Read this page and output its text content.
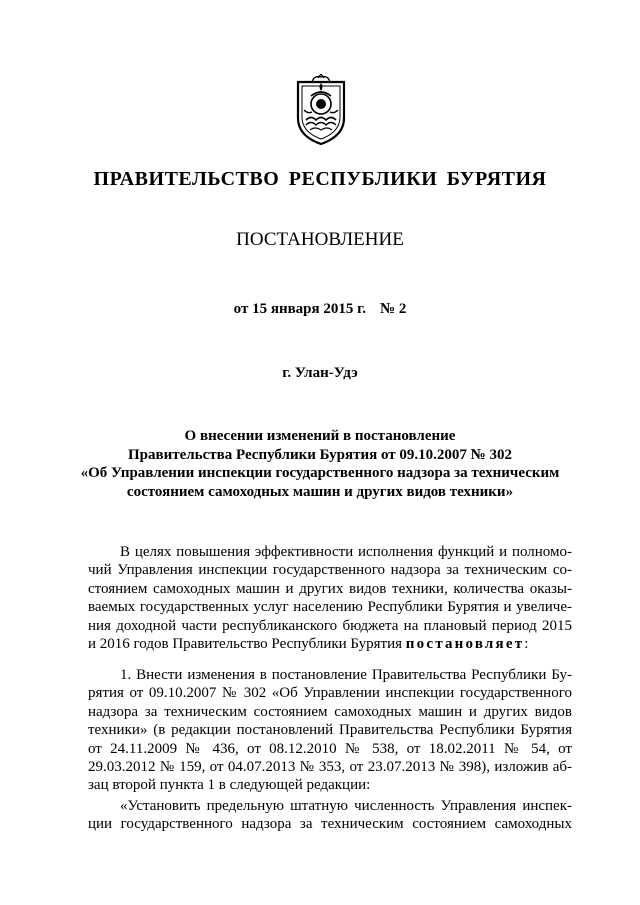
ПРАВИТЕЛЬСТВО РЕСПУБЛИКИ БУРЯТИЯ
ПОСТАНОВЛЕНИЕ
от 15 января 2015 г. № 2
г. Улан-Удэ
О внесении изменений в постановление
Правительства Республики Бурятия от 09.10.2007 № 302
«Об Управлении инспекции государственного надзора за техническим
состоянием самоходных машин и других видов техники»
В целях повышения эффективности исполнения функций и полномо-
чий Управления инспекции государственного надзора за техническим со-
стоянием самоходных машин и других видов техники, количества оказы-
ваемых государственных услуг населению Республики Бурятия и увеличе-
ния доходной части республиканского бюджета на плановый период 2015
и 2016 годов Правительство Республики Бурятия постановляет:
1. Внести изменения в постановление Правительства Республики Бу-
рятия от 09.10.2007 № 302 «Об Управлении инспекции государственного
надзора за техническим состоянием самоходных машин и других видов
техники» (в редакции постановлений Правительства Республики Бурятия
от 24.11.2009 № 436, от 08.12.2010 № 538, от 18.02.2011 № 54, от
29.03.2012 № 159, от 04.07.2013 № 353, от 23.07.2013 № 398), изложив аб-
зац второй пункта 1 в следующей редакции:
«Установить предельную штатную численность Управления инспек-
ции государственного надзора за техническим состоянием самоходных
